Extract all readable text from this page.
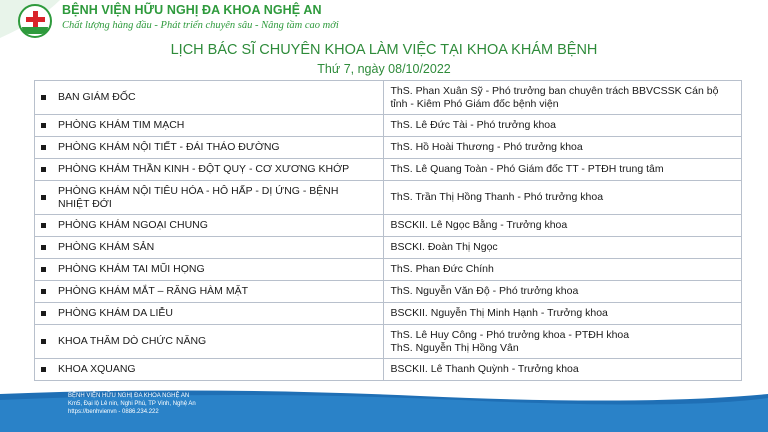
BỆNH VIỆN HỮU NGHỊ ĐA KHOA NGHỆ AN
Chất lượng hàng đầu - Phát triển chuyên sâu - Nâng tầm cao mới
LỊCH BÁC SĨ CHUYÊN KHOA LÀM VIỆC TẠI KHOA KHÁM BỆNH
Thứ 7, ngày 08/10/2022
BAN GIÁM ĐỐC	ThS. Phan Xuân Sỹ - Phó trưởng ban chuyên trách BBVCSSK Cán bộ tỉnh - Kiêm Phó Giám đốc bệnh viện
PHÒNG KHÁM TIM MẠCH	ThS. Lê Đức Tài - Phó trưởng khoa
PHÒNG KHÁM NỘI TIẾT - ĐÁI THÁO ĐƯỜNG	ThS. Hồ Hoài Thương - Phó trưởng khoa
PHÒNG KHÁM THẦN KINH - ĐỘT QUỴ - CƠ XƯƠNG KHỚP	ThS. Lê Quang Toàn - Phó Giám đốc TT - PTĐH trung tâm
PHÒNG KHÁM NỘI TIÊU HÓA - HÔ HẤP - DỊ ỨNG - BỆNH NHIỆT ĐỚI	ThS. Trần Thị Hồng Thanh - Phó trưởng khoa
PHÒNG KHÁM NGOẠI CHUNG	BSCKII. Lê Ngọc Bằng - Trưởng khoa
PHÒNG KHÁM SẢN	BSCKI. Đoàn Thị Ngọc
PHÒNG KHÁM TAI MŨI HỌNG	ThS. Phan Đức Chính
PHÒNG KHÁM MẮT – RĂNG HÀM MẶT	ThS. Nguyễn Văn Độ - Phó trưởng khoa
PHÒNG KHÁM DA LIỄU	BSCKII. Nguyễn Thị Minh Hạnh - Trưởng khoa
KHOA THĂM DÒ CHỨC NĂNG	ThS. Lê Huy Công - Phó trưởng khoa - PTĐH khoa
ThS. Nguyễn Thị Hồng Vân

KHOA XQUANG	BSCKII. Lê Thanh Quỳnh - Trưởng khoa
BỆNH VIỆN HỮU NGHỊ ĐA KHOA NGHỆ AN
Km5, Đại lộ Lê nin, Nghi Phú, TP Vinh, Nghệ An
https://benhvienvn - 0886.234.222
